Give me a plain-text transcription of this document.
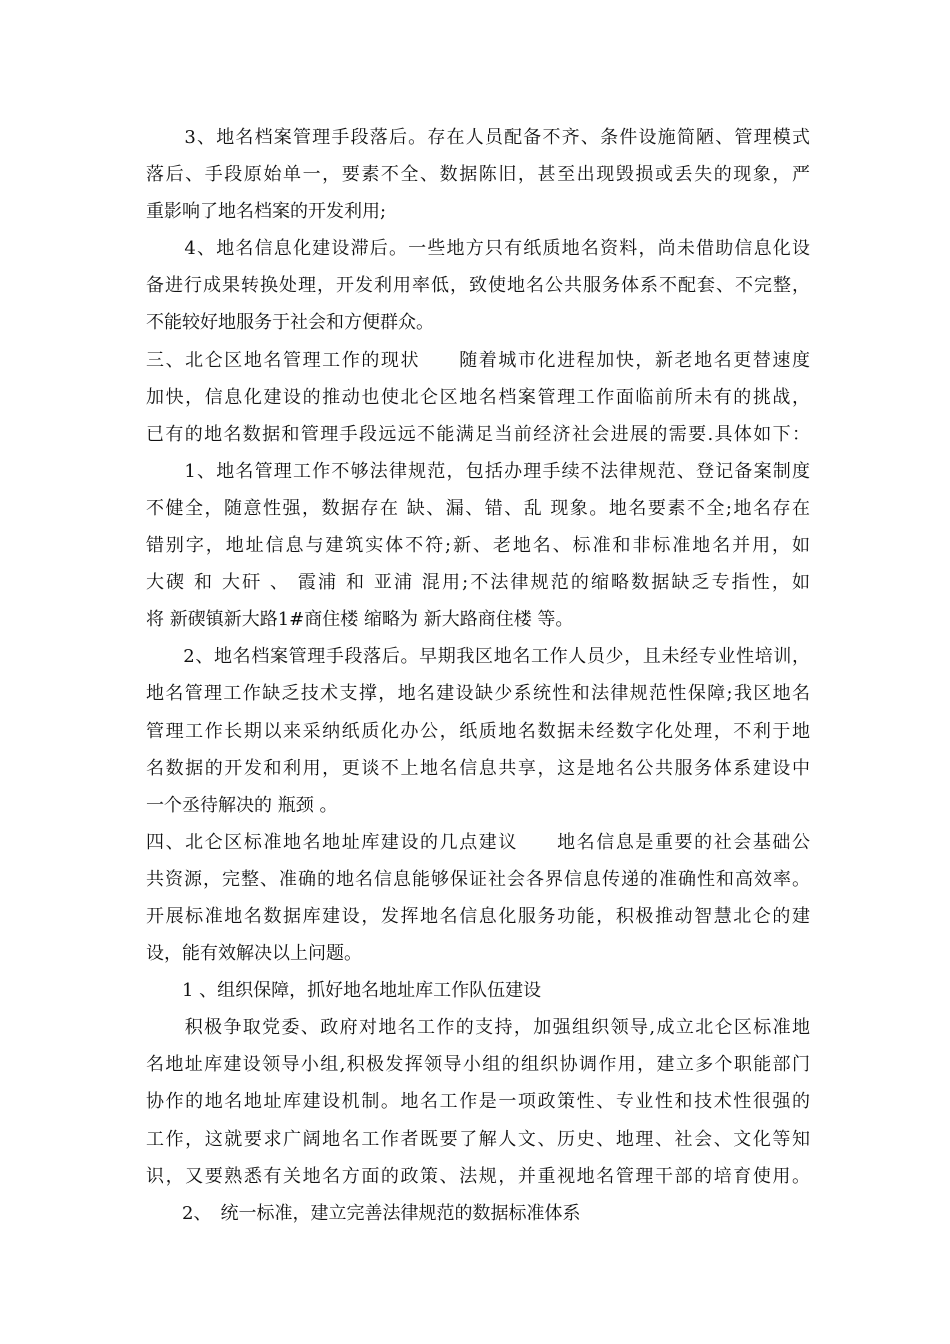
　　3、地名档案管理手段落后。存在人员配备不齐、条件设施简陋、管理模式
落后、手段原始单一，要素不全、数据陈旧，甚至出现毁损或丢失的现象，严
重影响了地名档案的开发利用;
　　4、地名信息化建设滞后。一些地方只有纸质地名资料，尚未借助信息化设
备进行成果转换处理，开发利用率低，致使地名公共服务体系不配套、不完整，
不能较好地服务于社会和方便群众。
三、北仑区地名管理工作的现状　　随着城市化进程加快，新老地名更替速度
加快，信息化建设的推动也使北仑区地名档案管理工作面临前所未有的挑战，
已有的地名数据和管理手段远远不能满足当前经济社会进展的需要.具体如下：
　　1、地名管理工作不够法律规范，包括办理手续不法律规范、登记备案制度
不健全，随意性强，数据存在 缺、漏、错、乱 现象。地名要素不全;地名存在
错别字，地址信息与建筑实体不符;新、老地名、标准和非标准地名并用，如
大碶 和 大矸 、 霞浦 和 亚浦 混用;不法律规范的缩略数据缺乏专指性，如
将 新碶镇新大路1#商住楼 缩略为 新大路商住楼 等。
　　2、地名档案管理手段落后。早期我区地名工作人员少，且未经专业性培训，
地名管理工作缺乏技术支撑，地名建设缺少系统性和法律规范性保障;我区地名
管理工作长期以来采纳纸质化办公，纸质地名数据未经数字化处理，不利于地
名数据的开发和利用，更谈不上地名信息共享，这是地名公共服务体系建设中
一个丞待解决的 瓶颈 。
四、北仑区标准地名地址库建设的几点建议　　地名信息是重要的社会基础公
共资源，完整、准确的地名信息能够保证社会各界信息传递的准确性和高效率。
开展标准地名数据库建设，发挥地名信息化服务功能，积极推动智慧北仑的建
设，能有效解决以上问题。
　　1 、组织保障，抓好地名地址库工作队伍建设
　　积极争取党委、政府对地名工作的支持，加强组织领导,成立北仑区标准地
名地址库建设领导小组,积极发挥领导小组的组织协调作用，建立多个职能部门
协作的地名地址库建设机制。地名工作是一项政策性、专业性和技术性很强的
工作，这就要求广阔地名工作者既要了解人文、历史、地理、社会、文化等知
识，又要熟悉有关地名方面的政策、法规，并重视地名管理干部的培育使用。
　　2、　统一标准，建立完善法律规范的数据标准体系
